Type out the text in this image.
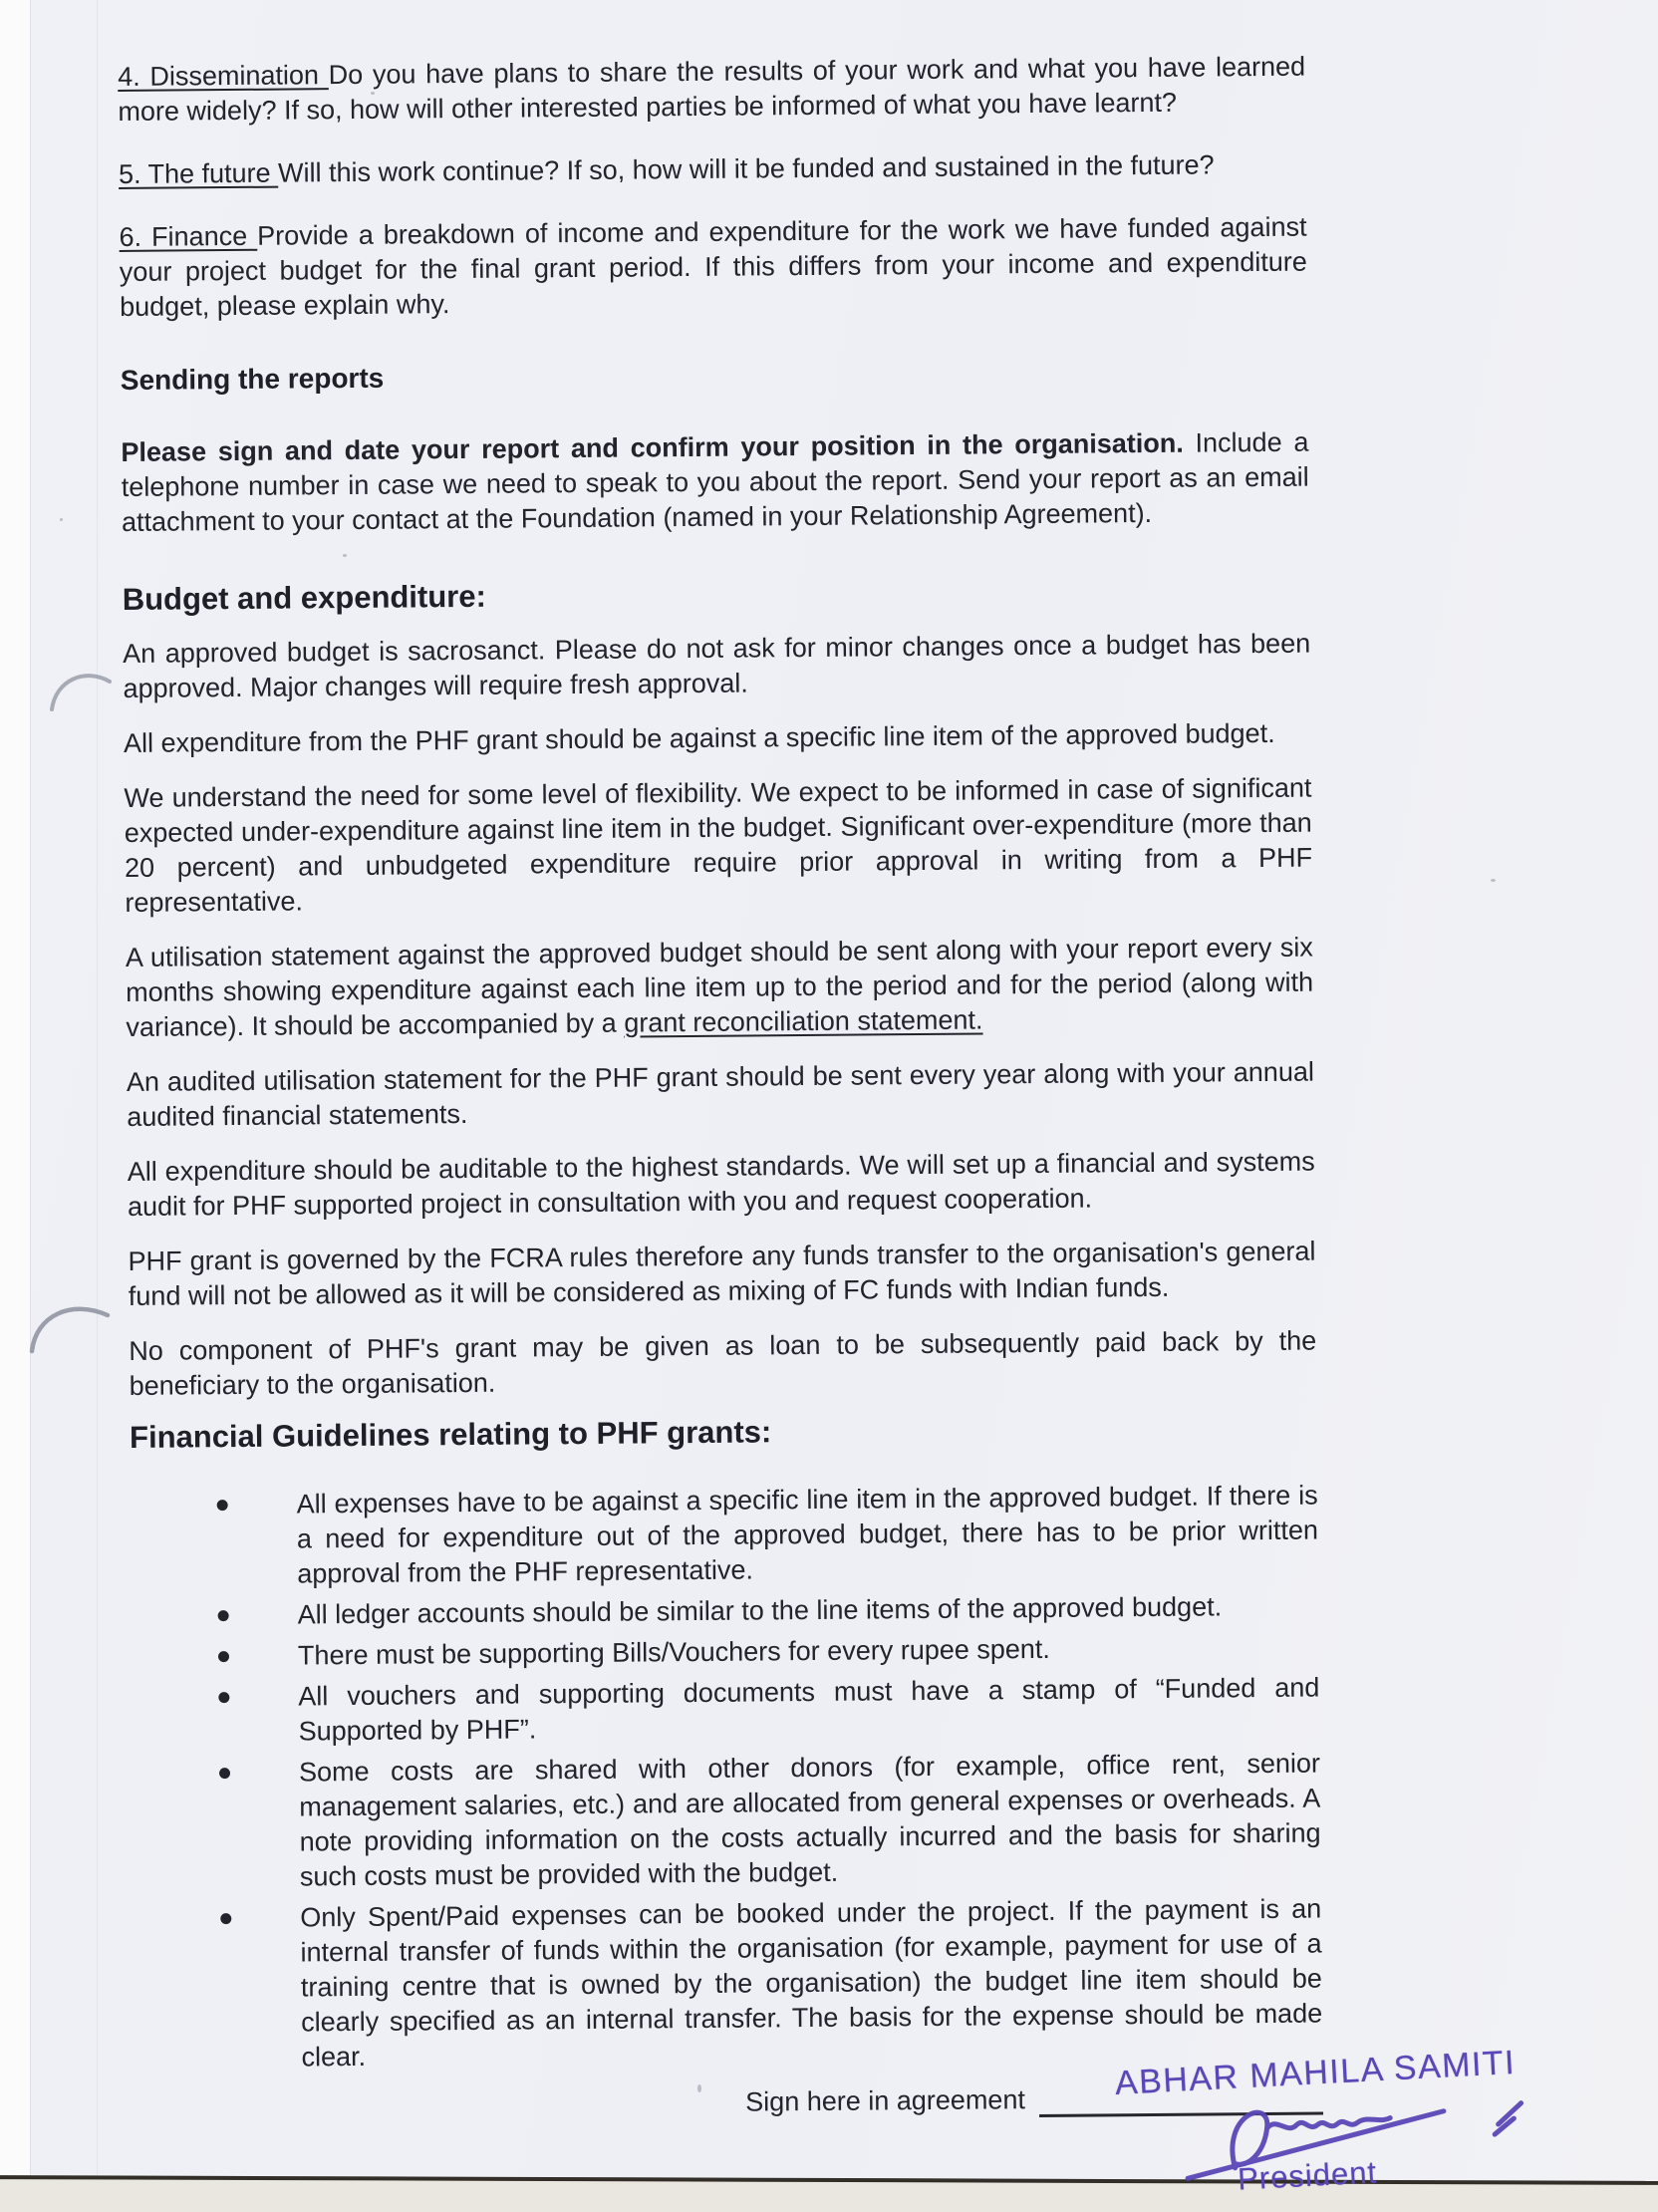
4. Dissemination Do you have plans to share the results of your work and what you have learned more widely? If so, how will other interested parties be informed of what you have learnt?

5. The future Will this work continue? If so, how will it be funded and sustained in the future?

6. Finance Provide a breakdown of income and expenditure for the work we have funded against your project budget for the final grant period. If this differs from your income and expenditure budget, please explain why.

Sending the reports

Please sign and date your report and confirm your position in the organisation. Include a telephone number in case we need to speak to you about the report. Send your report as an email attachment to your contact at the Foundation (named in your Relationship Agreement).

Budget and expenditure:

An approved budget is sacrosanct. Please do not ask for minor changes once a budget has been approved. Major changes will require fresh approval.

All expenditure from the PHF grant should be against a specific line item of the approved budget.

We understand the need for some level of flexibility. We expect to be informed in case of significant expected under-expenditure against line item in the budget. Significant over-expenditure (more than 20 percent) and unbudgeted expenditure require prior approval in writing from a PHF representative.

A utilisation statement against the approved budget should be sent along with your report every six months showing expenditure against each line item up to the period and for the period (along with variance). It should be accompanied by a grant reconciliation statement.

An audited utilisation statement for the PHF grant should be sent every year along with your annual audited financial statements.

All expenditure should be auditable to the highest standards. We will set up a financial and systems audit for PHF supported project in consultation with you and request cooperation.

PHF grant is governed by the FCRA rules therefore any funds transfer to the organisation's general fund will not be allowed as it will be considered as mixing of FC funds with Indian funds.

No component of PHF's grant may be given as loan to be subsequently paid back by the beneficiary to the organisation.

Financial Guidelines relating to PHF grants:
All expenses have to be against a specific line item in the approved budget. If there is a need for expenditure out of the approved budget, there has to be prior written approval from the PHF representative.
All ledger accounts should be similar to the line items of the approved budget.
There must be supporting Bills/Vouchers for every rupee spent.
All vouchers and supporting documents must have a stamp of “Funded and Supported by PHF”.
Some costs are shared with other donors (for example, office rent, senior management salaries, etc.) and are allocated from general expenses or overheads. A note providing information on the costs actually incurred and the basis for sharing such costs must be provided with the budget.
Only Spent/Paid expenses can be booked under the project. If the payment is an internal transfer of funds within the organisation (for example, payment for use of a training centre that is owned by the organisation) the budget line item should be clearly specified as an internal transfer. The basis for the expense should be made clear.
Sign here in agreement	ABHAR MAHILA SAMITI
President
